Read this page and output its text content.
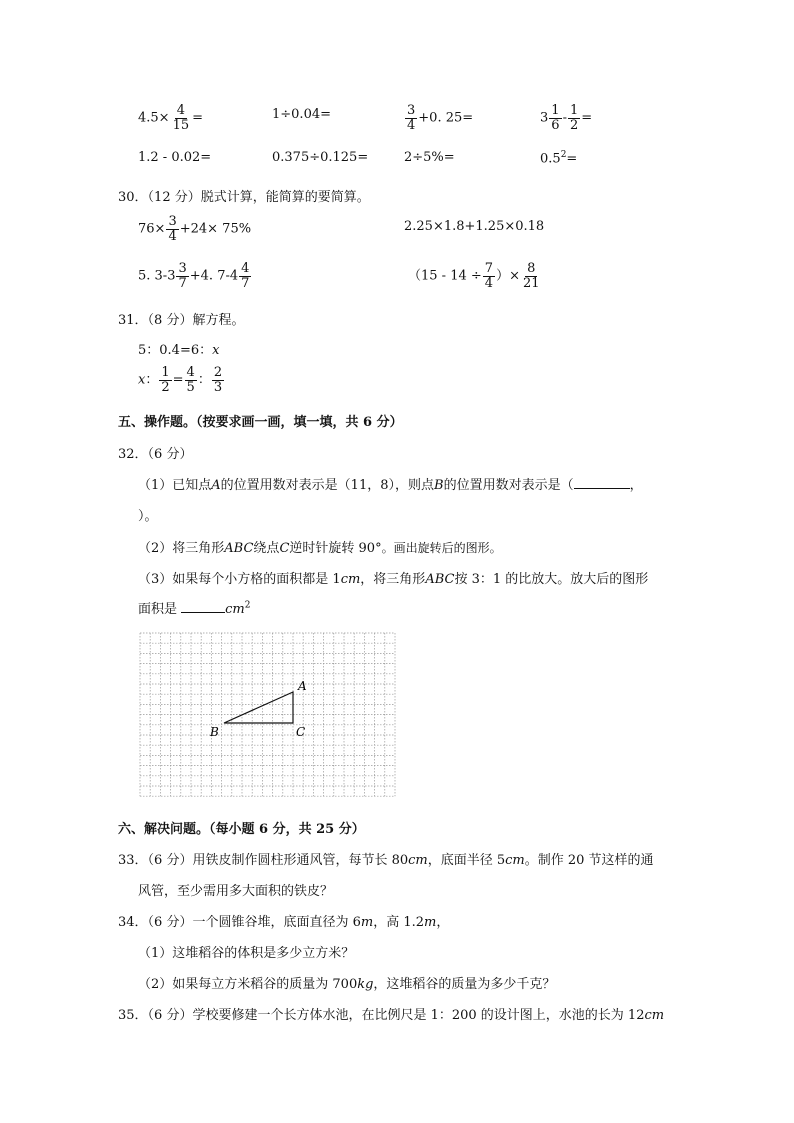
$4.5\times \frac{4}{15}$ =	1÷0.04=	$\frac{3}{4} +0$. 25=	$3 \frac{1}{6} - \frac{1}{2}$ =
1.2 - 0.02=	0.375÷0.125=	2÷5%=	$0.5^2=$
30．（12 分）脱式计算，能简算的要简算。
$76\times \frac{3}{4} +24\times 75\%$	2.25×1.8+1.25×0.18
5. $3-3 \frac{3}{7} +4$. $7-4 \frac{4}{7}$	（$15 - 14 \div \frac{7}{4}$ ）× $\frac{8}{21}$
31．（8 分）解方程。
5：0.4=6：x
x： $\frac{1}{2} = \frac{4}{5}$ ： $\frac{2}{3}$
五、操作题。（按要求画一画，填一填，共 6 分）
32．（6 分）
（1）已知点A的位置用数对表示是（11，8），则点B的位置用数对表示是（	，
）。
（2）将三角形ABC绕点C逆时针旋转 90°。画出旋转后的图形。
（3）如果每个小方格的面积都是 1cm，将三角形ABC按 3：1 的比放大。放大后的图形
面积是	$cm^2$
A
B	C
六、解决问题。（每小题 6 分，共 25 分）
33．（6 分）用铁皮制作圆柱形通风管，每节长 80cm，底面半径 5cm。制作 20 节这样的通
风管，至少需用多大面积的铁皮？
34．（6 分）一个圆锥谷堆，底面直径为 6m，高 1.2m，
（1）这堆稻谷的体积是多少立方米？
（2）如果每立方米稻谷的质量为 700kg，这堆稻谷的质量为多少千克？
35．（6 分）学校要修建一个长方体水池，在比例尺是 1：200 的设计图上，水池的长为 12cm
